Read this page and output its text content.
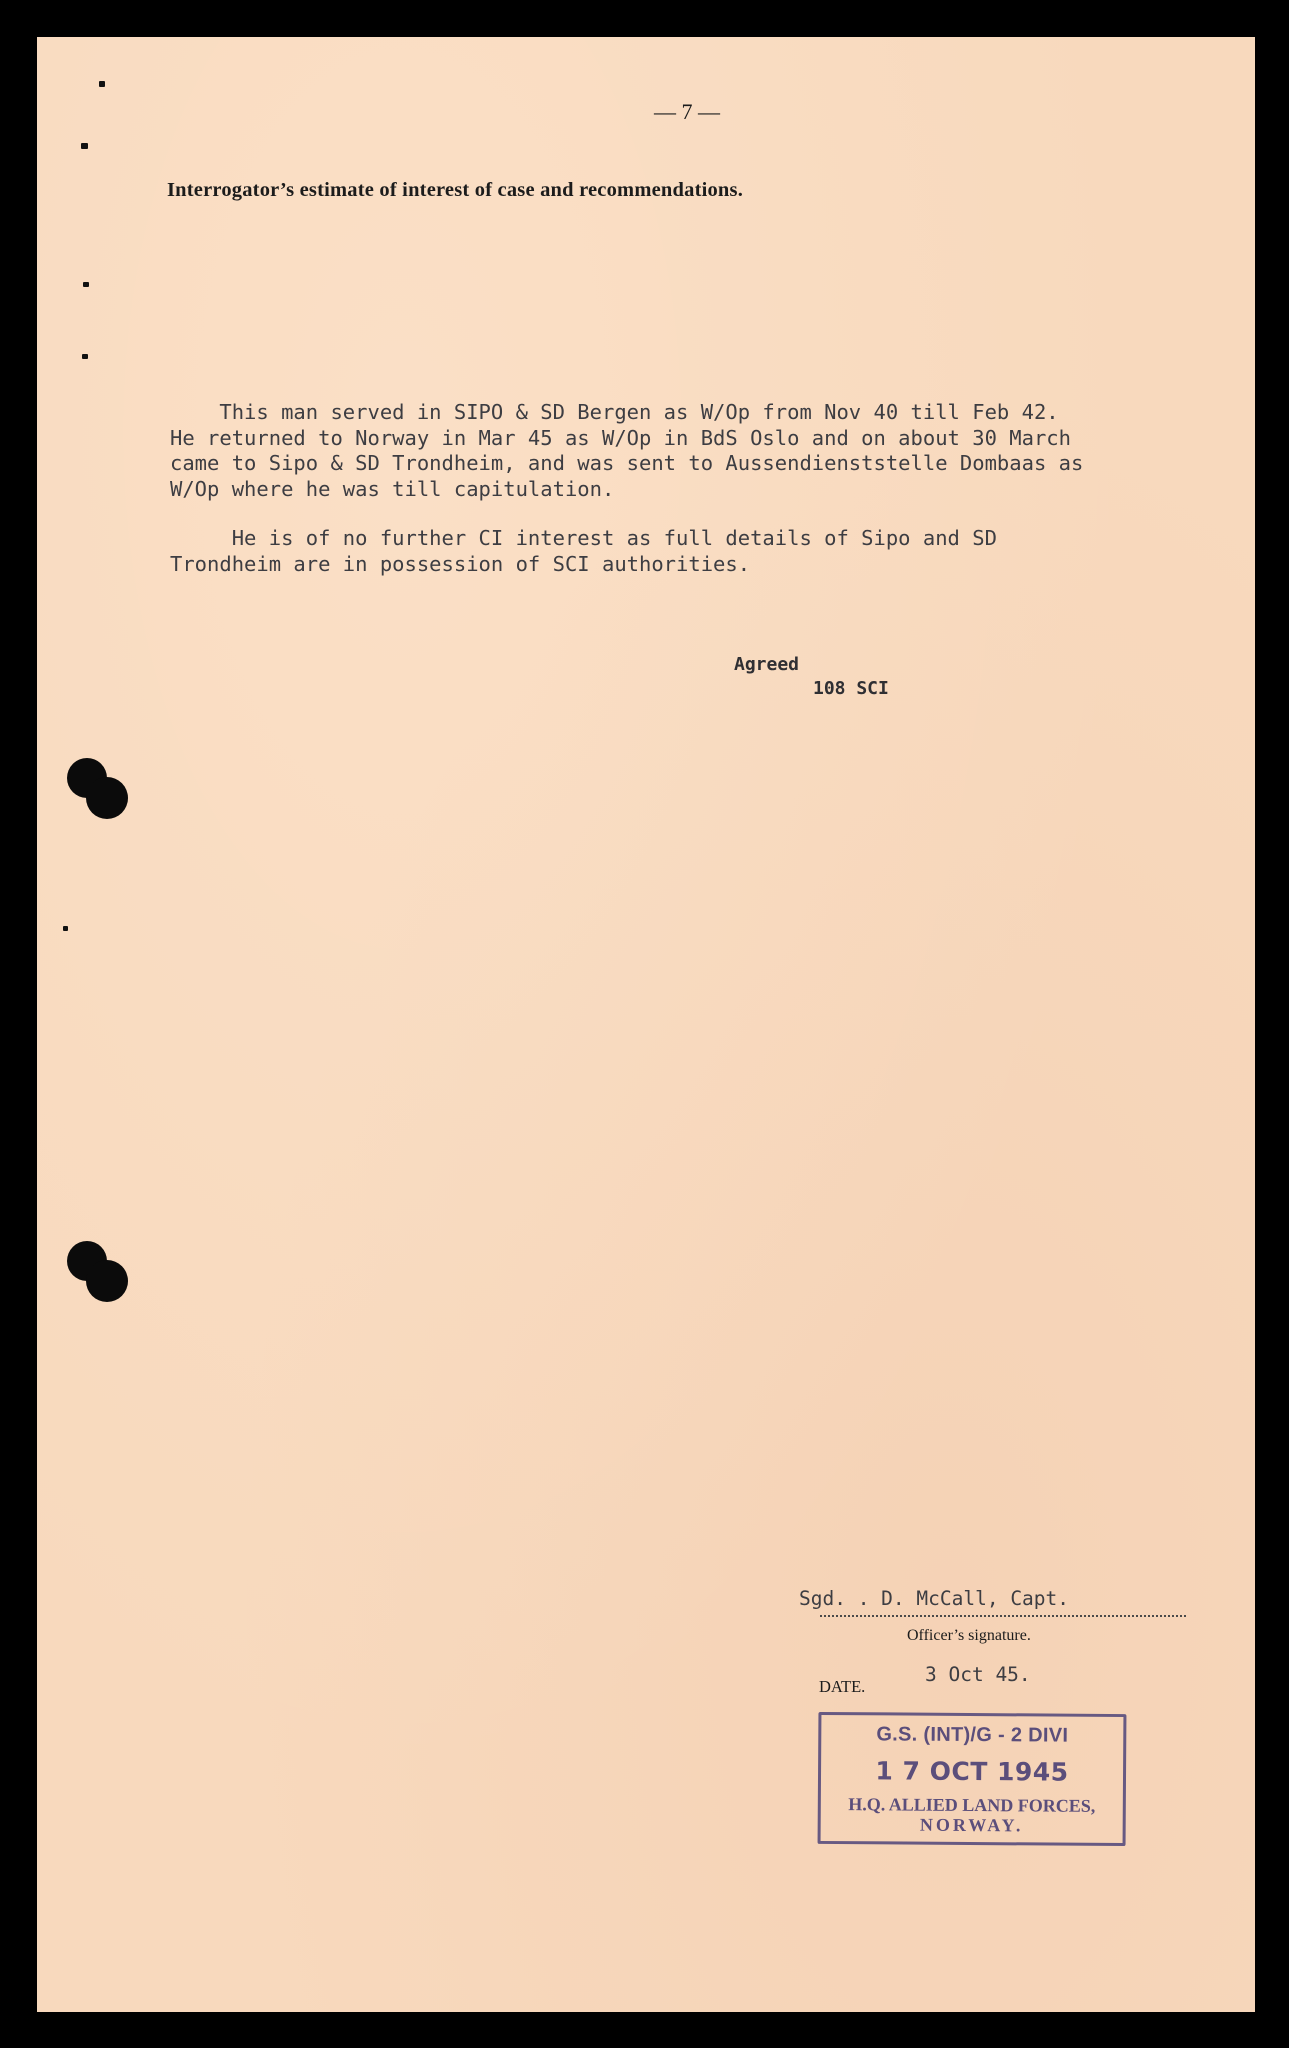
— 7 —
Interrogator’s estimate of interest of case and recommendations.

This man served in SIPO & SD Bergen as W/Op from Nov 40 till Feb 42.
He returned to Norway in Mar 45 as W/Op in BdS Oslo and on about 30 March
came to Sipo & SD Trondheim, and was sent to Aussendienststelle Dombaas as
W/Op where he was till capitulation.

He is of no further CI interest as full details of Sipo and SD
Trondheim are in possession of SCI authorities.

Agreed
108 SCI
Sgd. . D. McCall, Capt.
Officer’s signature.
DATE.
3 Oct 45.
G.S. (INT)/G - 2 DIVI
1 7 OCT 1945
H.Q. ALLIED LAND FORCES,
NORWAY.
